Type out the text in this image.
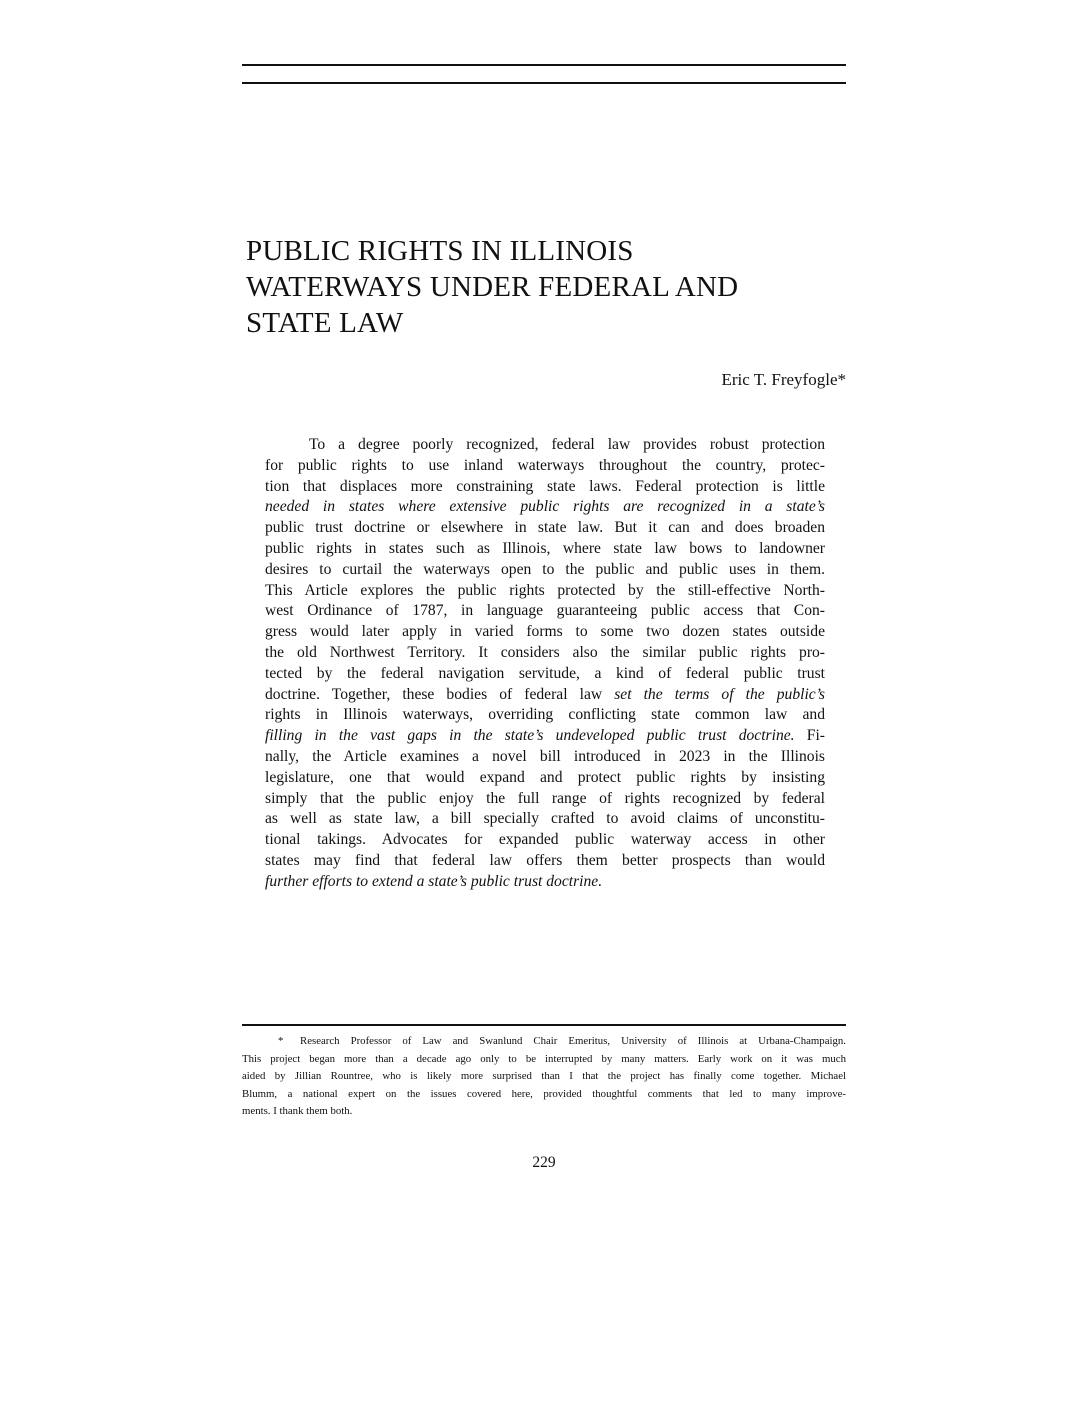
PUBLIC RIGHTS IN ILLINOIS
WATERWAYS UNDER FEDERAL AND
STATE LAW
Eric T. Freyfogle*
To a degree poorly recognized, federal law provides robust protection
for public rights to use inland waterways throughout the country, protec-
tion that displaces more constraining state laws. Federal protection is little
needed in states where extensive public rights are recognized in a state’s
public trust doctrine or elsewhere in state law. But it can and does broaden
public rights in states such as Illinois, where state law bows to landowner
desires to curtail the waterways open to the public and public uses in them.
This Article explores the public rights protected by the still-effective North-
west Ordinance of 1787, in language guaranteeing public access that Con-
gress would later apply in varied forms to some two dozen states outside
the old Northwest Territory. It considers also the similar public rights pro-
tected by the federal navigation servitude, a kind of federal public trust
doctrine. Together, these bodies of federal law set the terms of the public’s
rights in Illinois waterways, overriding conflicting state common law and
filling in the vast gaps in the state’s undeveloped public trust doctrine. Fi-
nally, the Article examines a novel bill introduced in 2023 in the Illinois
legislature, one that would expand and protect public rights by insisting
simply that the public enjoy the full range of rights recognized by federal
as well as state law, a bill specially crafted to avoid claims of unconstitu-
tional takings. Advocates for expanded public waterway access in other
states may find that federal law offers them better prospects than would
further efforts to extend a state’s public trust doctrine.
* Research Professor of Law and Swanlund Chair Emeritus, University of Illinois at Urbana-Champaign.
This project began more than a decade ago only to be interrupted by many matters. Early work on it was much
aided by Jillian Rountree, who is likely more surprised than I that the project has finally come together. Michael
Blumm, a national expert on the issues covered here, provided thoughtful comments that led to many improve-
ments. I thank them both.
229
